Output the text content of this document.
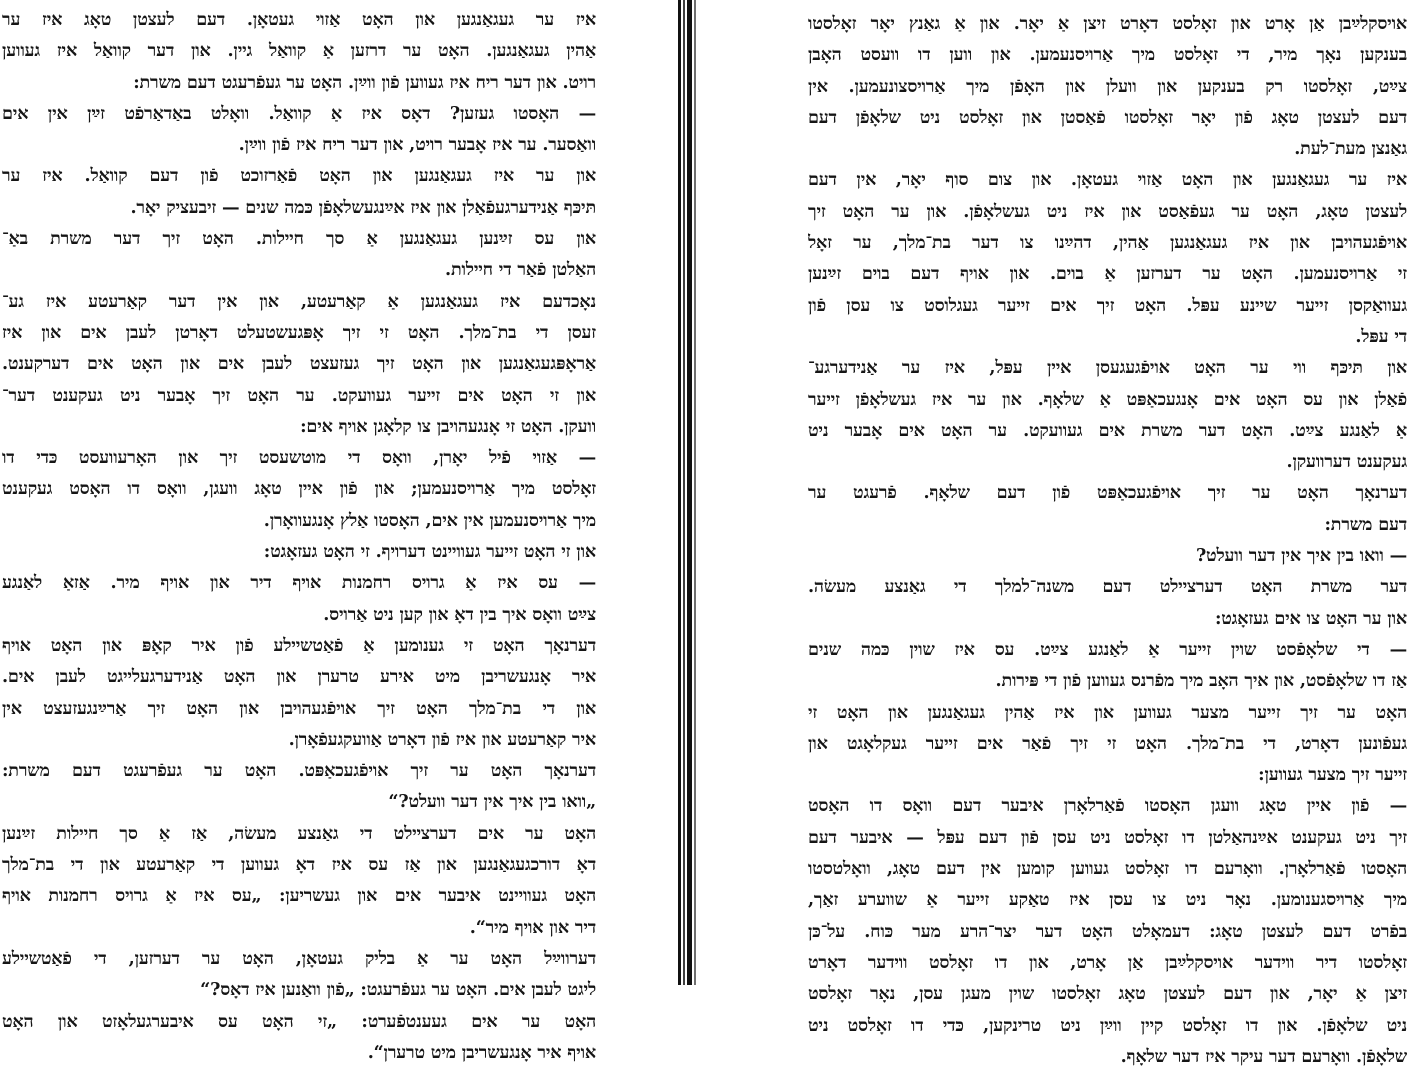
איז ער געגאַנגען און האָט אַזוי געטאָן. דעם לעצטן טאָג איז ער
אַהין געגאַנגען. האָט ער דרזען אַ קוואַל גיין. און דער קוואַל איז געווען
רויט. און דער ריח איז געווען פֿון ווײַן. האָט ער געפֿרעגט דעם משרת:

— האָסטו געזען? דאָס איז אַ קוואַל. וואָלט באַדאַרפֿט זײַן אין אים
וואַסער. ער איז אָבער רויט, און דער ריח איז פֿון ווײַן.

און ער איז געגאַנגען און האָט פֿאַרזוכט פֿון דעם קוואַל. איז ער
תּיכּף אַנידערגעפֿאַלן און איז אײַנגעשלאָפֿן כּמה שנים — זיבעציק יאָר.

און עס זײַנען געגאַנגען אַ סך חיילות. האָט זיך דער משרת באַ־
האַלטן פֿאַר די חיילות.

נאָכדעם איז געגאַנגען אַ קאַרעטע, און אין דער קאַרעטע איז גע־
זעסן די בת־מלך. האָט זי זיך אָפּגעשטעלט דאָרטן לעבן אים און איז
אַראָפּגעגאַנגען און האָט זיך געזעצט לעבן אים און האָט אים דערקענט.
און זי האָט אים זייער געוועקט. ער האָט זיך אָבער ניט געקענט דער־
וועקן. האָט זי אָנגעהויבן צו קלאָגן אויף אים:

— אַזוי פֿיל יאָרן, וואָס די מוטשעסט זיך און האָרעוועסט כּדי דו
זאָלסט מיך אַרויסנעמען; און פֿון איין טאָג וועגן, וואָס דו האָסט געקענט
מיך אַרויסנעמען אין אים, האָסטו אַלץ אָנגעוואָרן.

און זי האָט זייער געוויינט דערויף. זי האָט געזאָגט:

— עס איז אַ גרויס רחמנות אויף דיר און אויף מיר. אַזאַ לאַנגע
צײַט וואָס איך בין דאָ און קען ניט אַרויס.

דערנאָך האָט זי גענומען אַ פֿאַטשיילע פֿון איר קאָפּ און האָט אויף
איר אָנגעשריבן מיט אירע טרערן און האָט אַנידערגעלייגט לעבן אים.
און די בת־מלך האָט זיך אויפֿגעהויבן און האָט זיך אַרײַנגעזעצט אין
איר קאַרעטע און איז פֿון דאָרט אַוועקגעפֿאָרן.

דערנאָך האָט ער זיך אויפֿגעכאַפּט. האָט ער געפֿרעגט דעם משרת:
„וואו בין איך אין דער וועלט?“

האָט ער אים דערציילט די גאַנצע מעשׂה, אַז אַ סך חיילות זײַנען
דאָ דורכגעגאַנגען און אַז עס איז דאָ געווען די קאַרעטע און די בת־מלך
האָט געוויינט איבער אים און געשריען: „עס איז אַ גרויס רחמנות אויף
דיר און אויף מיר“.

דערווײַל האָט ער אַ בליק געטאָן, האָט ער דערזען, די פֿאַטשיילע
ליגט לעבן אים. האָט ער געפֿרעגט: „פֿון וואַנען איז דאָס?“

האָט ער אים געענטפֿערט: „זי האָט עס איבערגעלאָזט און האָט
אויף איר אָנגעשריבן מיט טרערן“.

אויסקלײַבן אַן אָרט און זאָלסט דאָרט זיצן אַ יאָר. און אַ גאַנץ יאָר זאָלסטו
בענקען נאָך מיר, די זאָלסט מיך אַרויסנעמען. און ווען דו וועסט האָבן
צײַט, זאָלסטו רק בענקען און וועלן און האָפֿן מיך אַרויסצונעמען. אין
דעם לעצטן טאָג פֿון יאָר זאָלסטו פֿאַסטן און זאָלסט ניט שלאָפֿן דעם
גאַנצן מעת־לעת.

איז ער געגאַנגען און האָט אַזוי געטאָן. און צום סוף יאָר, אין דעם
לעצטן טאָג, האָט ער געפֿאַסט און איז ניט געשלאָפֿן. און ער האָט זיך
אויפֿגעהויבן און איז געגאַנגען אַהין, דהײַנו צו דער בת־מלך, ער זאָל
זי אַרויסנעמען. האָט ער דערזען אַ בוים. און אויף דעם בוים זײַנען
געוואַקסן זייער שיינע עפּל. האָט זיך אים זייער געגלוסט צו עסן פֿון
די עפּל.

און תּיכּף ווי ער האָט אויפֿגעגעסן איין עפּל, איז ער אַנידערגע־
פֿאַלן און עס האָט אים אָנגעכאַפּט אַ שלאָף. און ער איז געשלאָפֿן זייער
אַ לאַנגע צײַט. האָט דער משרת אים געוועקט. ער האָט אים אָבער ניט
געקענט דערוועקן.

דערנאָך האָט ער זיך אויפֿגעכאַפּט פֿון דעם שלאָף. פֿרעגט ער
דעם משרת:

— וואו בין איך אין דער וועלט?

דער משרת האָט דערציילט דעם משנה־למלך די גאַנצע מעשׂה.
און ער האָט צו אים געזאָגט:

— די שלאָפֿסט שוין זייער אַ לאַנגע צײַט. עס איז שוין כּמה שנים
אַז דו שלאָפֿסט, און איך האָב מיך מפֿרנס געווען פֿון די פּירות.

האָט ער זיך זייער מצער געווען און איז אַהין געגאַנגען און האָט זי
געפֿונען דאָרט, די בת־מלך. האָט זי זיך פֿאַר אים זייער געקלאָגט און
זייער זיך מצער געווען:

— פֿון איין טאָג וועגן האָסטו פֿאַרלאָרן איבער דעם וואָס דו האָסט
זיך ניט געקענט אײַנהאַלטן דו זאָלסט ניט עסן פֿון דעם עפּל — איבער דעם
האָסטו פֿאַרלאָרן. וואָרעם דו זאָלסט געווען קומען אין דעם טאָג, וואָלטסטו
מיך אַרויסגענומען. נאָר ניט צו עסן איז טאַקע זייער אַ שווערע זאַך,
בפֿרט דעם לעצטן טאָג: דעמאָלט האָט דער יצר־הרע מער כּוח. על־כּן
זאָלסטו דיר ווידער אויסקלײַבן אַן אָרט, און דו זאָלסט ווידער דאָרט
זיצן אַ יאָר, און דעם לעצטן טאָג זאָלסטו שוין מעגן עסן, נאָר זאָלסט
ניט שלאָפֿן. און דו זאָלסט קיין ווײַן ניט טרינקען, כּדי דו זאָלסט ניט
שלאָפֿן. וואָרעם דער עיקר איז דער שלאָף.
